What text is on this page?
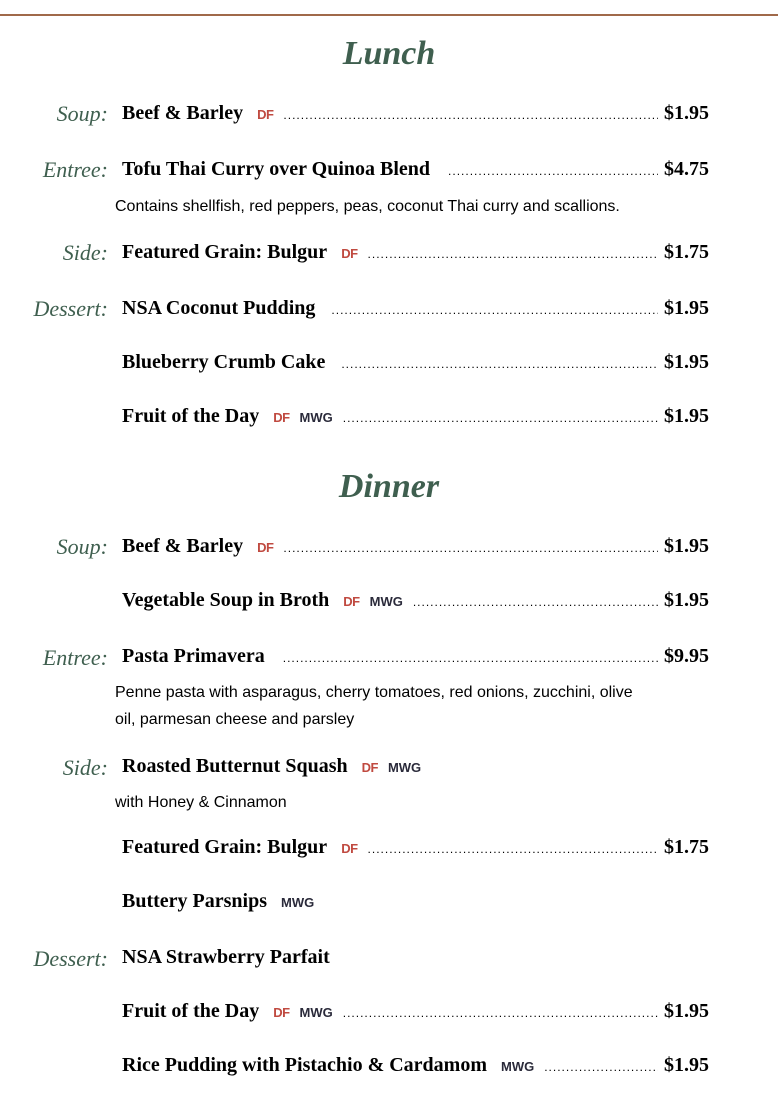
Lunch
Soup: Beef & Barley DF .....	$1.95
Entree: Tofu Thai Curry over Quinoa Blend .....	$4.75
Contains shellfish, red peppers, peas, coconut Thai curry and scallions.
Side: Featured Grain: Bulgur DF .....	$1.75
Dessert: NSA Coconut Pudding .....	$1.95
Blueberry Crumb Cake .....	$1.95
Fruit of the Day DF MWG .....	$1.95
Dinner
Soup: Beef & Barley DF .....	$1.95
Vegetable Soup in Broth DF MWG .....	$1.95
Entree: Pasta Primavera .....	$9.95
Penne pasta with asparagus, cherry tomatoes, red onions, zucchini, olive
oil, parmesan cheese and parsley
Side: Roasted Butternut Squash DF MWG
with Honey & Cinnamon
Featured Grain: Bulgur DF .....	$1.75
Buttery Parsnips MWG
Dessert: NSA Strawberry Parfait
Fruit of the Day DF MWG .....	$1.95
Rice Pudding with Pistachio & Cardamom MWG .....	$1.95
